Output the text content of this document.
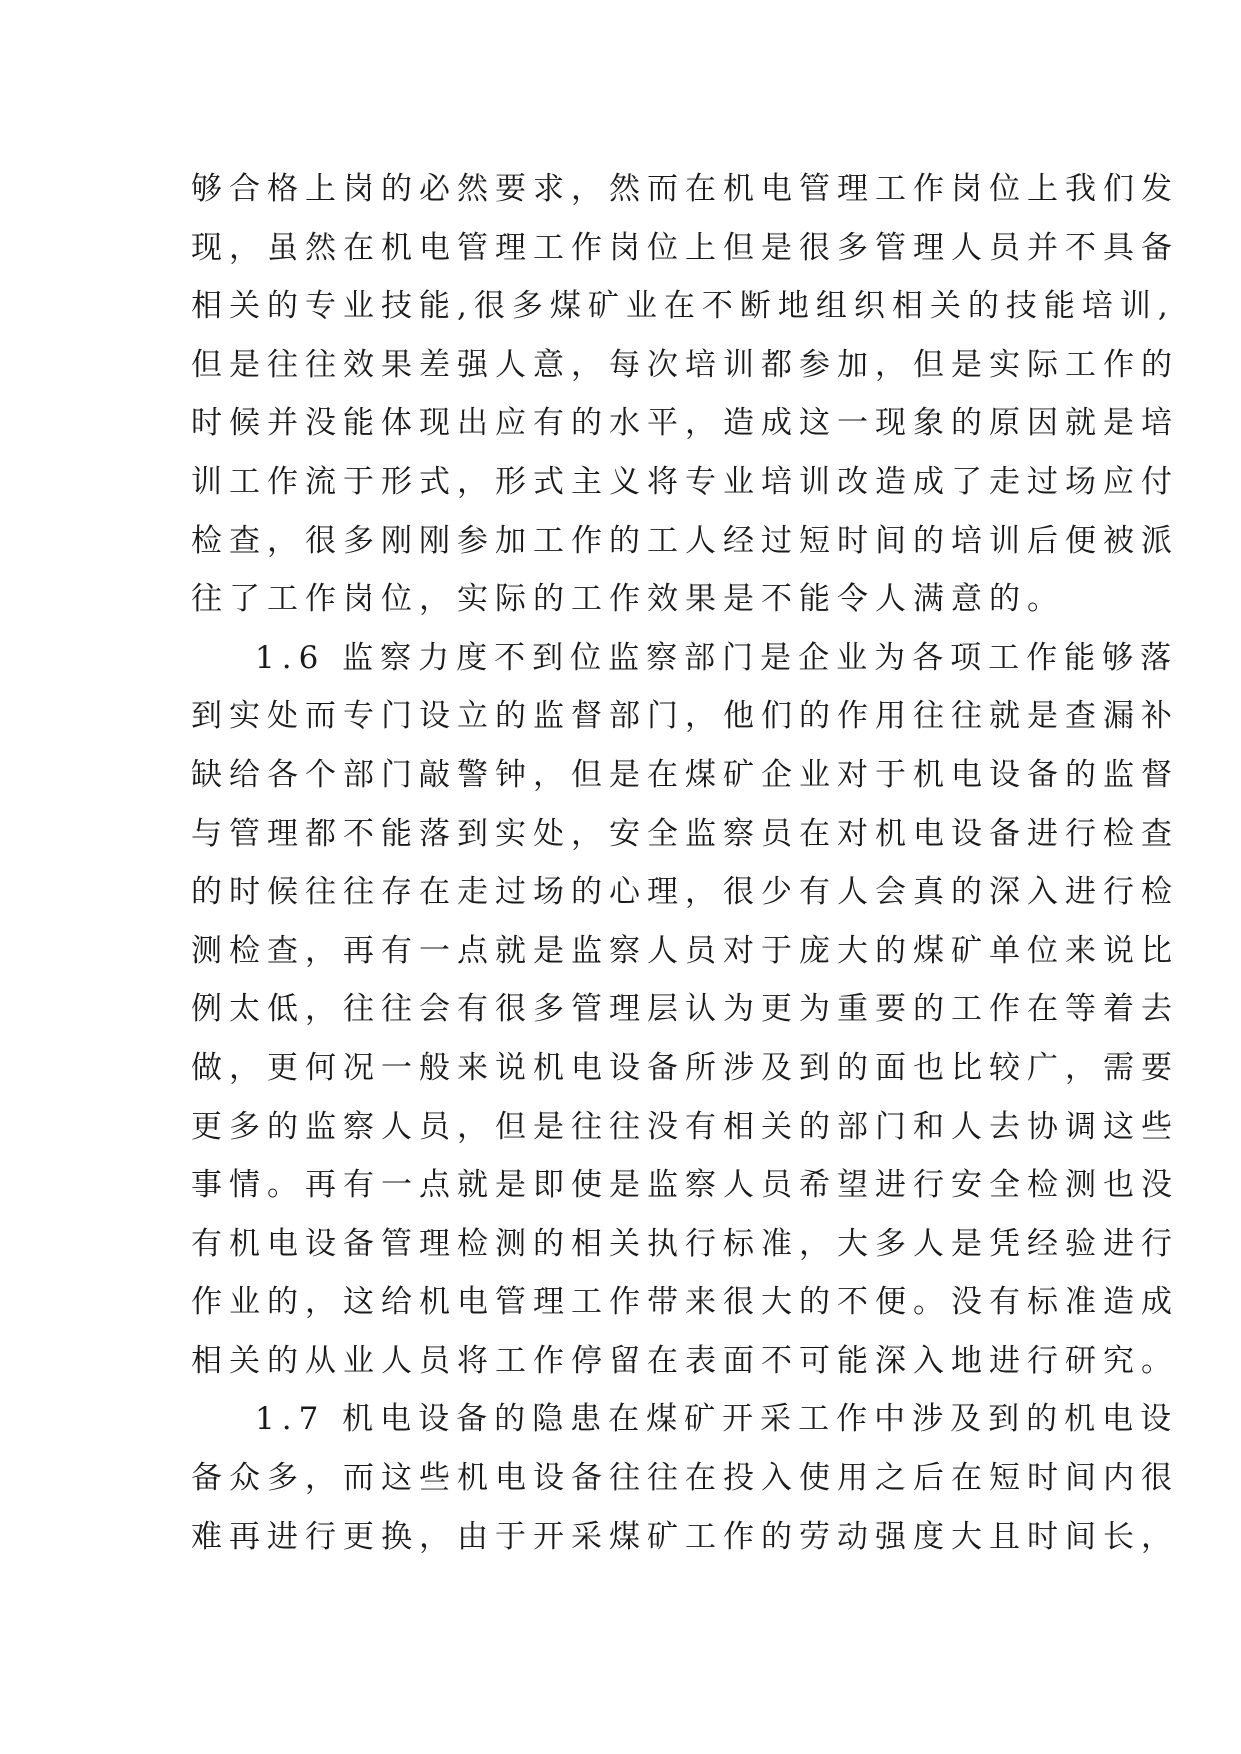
够合格上岗的必然要求，然而在机电管理工作岗位上我们发
现，虽然在机电管理工作岗位上但是很多管理人员并不具备
相关的专业技能,很多煤矿业在不断地组织相关的技能培训,
但是往往效果差强人意，每次培训都参加，但是实际工作的
时候并没能体现出应有的水平，造成这一现象的原因就是培
训工作流于形式，形式主义将专业培训改造成了走过场应付
检查，很多刚刚参加工作的工人经过短时间的培训后便被派
往了工作岗位，实际的工作效果是不能令人满意的。
1.6 监察力度不到位监察部门是企业为各项工作能够落
到实处而专门设立的监督部门，他们的作用往往就是查漏补
缺给各个部门敲警钟，但是在煤矿企业对于机电设备的监督
与管理都不能落到实处，安全监察员在对机电设备进行检查
的时候往往存在走过场的心理，很少有人会真的深入进行检
测检查，再有一点就是监察人员对于庞大的煤矿单位来说比
例太低，往往会有很多管理层认为更为重要的工作在等着去
做，更何况一般来说机电设备所涉及到的面也比较广，需要
更多的监察人员，但是往往没有相关的部门和人去协调这些
事情。再有一点就是即使是监察人员希望进行安全检测也没
有机电设备管理检测的相关执行标准，大多人是凭经验进行
作业的，这给机电管理工作带来很大的不便。没有标准造成
相关的从业人员将工作停留在表面不可能深入地进行研究。
1.7 机电设备的隐患在煤矿开采工作中涉及到的机电设
备众多，而这些机电设备往往在投入使用之后在短时间内很
难再进行更换，由于开采煤矿工作的劳动强度大且时间长，
